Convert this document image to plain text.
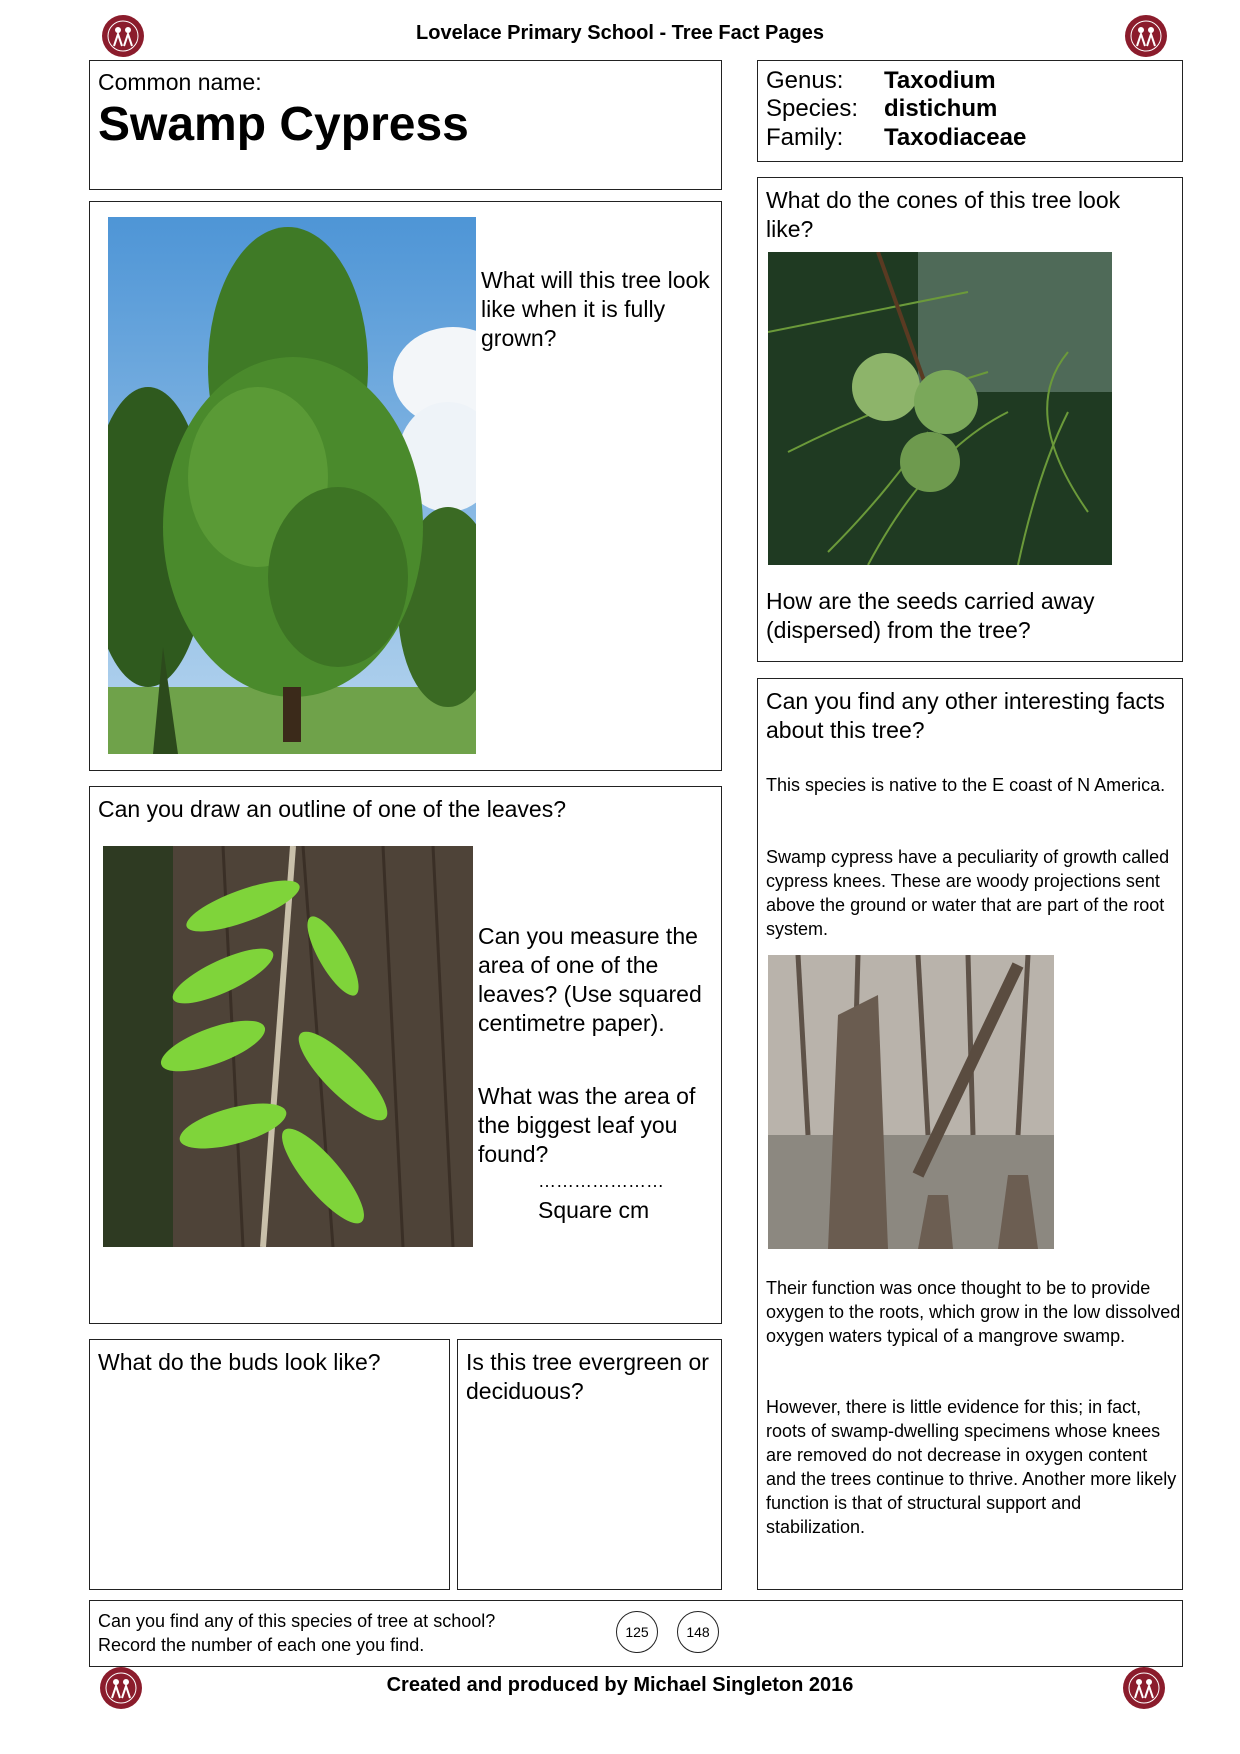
Lovelace Primary School - Tree Fact Pages
Common name:
Swamp Cypress
Genus: Taxodium
Species: distichum
Family: Taxodiaceae
What will this tree look like when it is fully grown?
What do the cones of this tree look like?
How are the seeds carried away (dispersed) from the tree?
Can you draw an outline of one of the leaves?
Can you measure the area of one of the leaves? (Use squared centimetre paper).
What was the area of the biggest leaf you found?
…………………
Square cm
What do the buds look like?	Is this tree evergreen or deciduous?
Can you find any other interesting facts about this tree?
This species is native to the E coast of N America.
Swamp cypress have a peculiarity of growth called cypress knees. These are woody projections sent above the ground or water that are part of the root system.
Their function was once thought to be to provide oxygen to the roots, which grow in the low dissolved oxygen waters typical of a mangrove swamp.
However, there is little evidence for this; in fact, roots of swamp-dwelling specimens whose knees are removed do not decrease in oxygen content and the trees continue to thrive. Another more likely function is that of structural support and stabilization.
Can you find any of this species of tree at school?
Record the number of each one you find.
125	148
Created and produced by Michael Singleton 2016
